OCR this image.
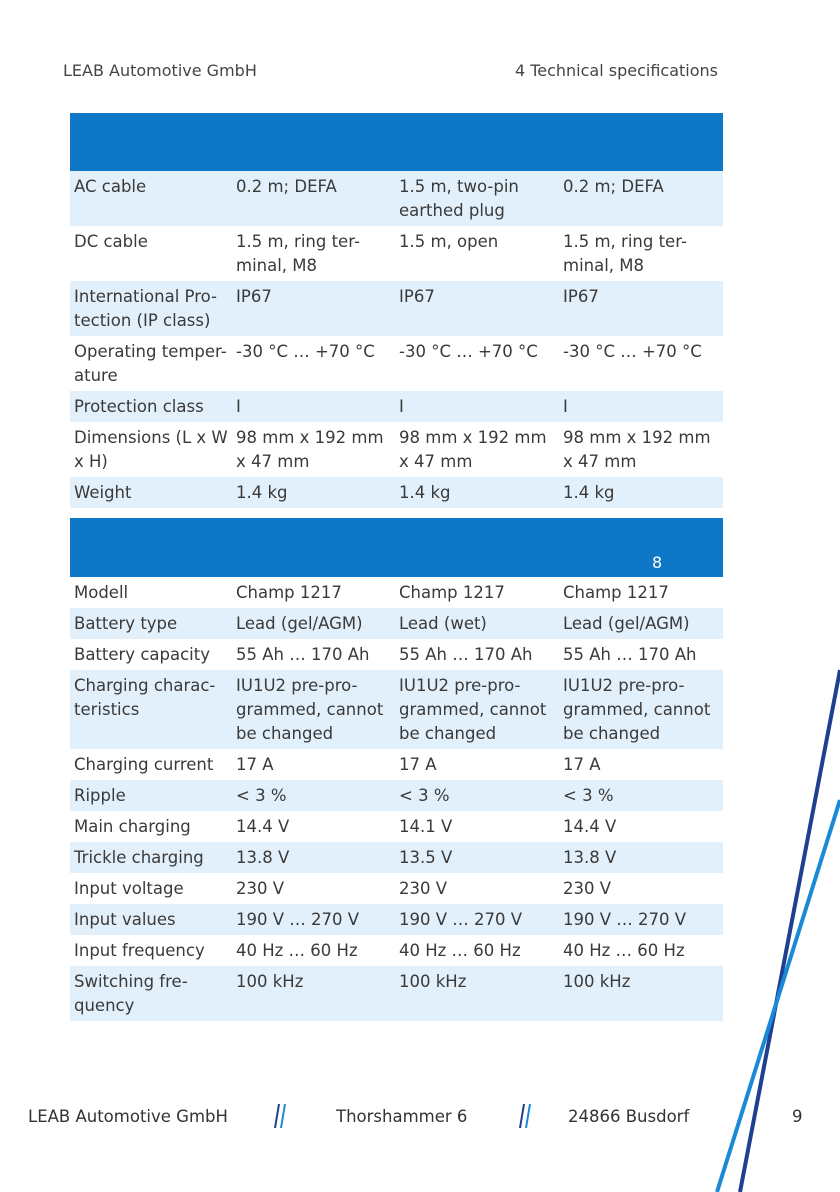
LEAB Automotive GmbH	4 Technical specifications

AC cable	0.2 m; DEFA	1.5 m, two-pin earthed plug	0.2 m; DEFA
DC cable	1.5 m, ring ter-minal, M8	1.5 m, open	1.5 m, ring ter-minal, M8
International Pro-tection (IP class)	IP67	IP67	IP67
Operating temper-ature	-30 °C … +70 °C	-30 °C … +70 °C	-30 °C … +70 °C
Protection class	I	I	I
Dimensions (L x W x H)	98 mm x 192 mm x 47 mm	98 mm x 192 mm x 47 mm	98 mm x 192 mm x 47 mm
Weight	1.4 kg	1.4 kg	1.4 kg
8			

Modell	Champ 1217	Champ 1217	Champ 1217
Battery type	Lead (gel/AGM)	Lead (wet)	Lead (gel/AGM)
Battery capacity	55 Ah … 170 Ah	55 Ah … 170 Ah	55 Ah … 170 Ah
Charging charac-teristics	IU1U2 pre-pro-grammed, cannot be changed	IU1U2 pre-pro-grammed, cannot be changed	IU1U2 pre-pro-grammed, cannot be changed
Charging current	17 A	17 A	17 A
Ripple	< 3 %	< 3 %	< 3 %
Main charging	14.4 V	14.1 V	14.4 V
Trickle charging	13.8 V	13.5 V	13.8 V
Input voltage	230 V	230 V	230 V
Input values	190 V … 270 V	190 V … 270 V	190 V … 270 V
Input frequency	40 Hz … 60 Hz	40 Hz … 60 Hz	40 Hz … 60 Hz
Switching fre-quency	100 kHz	100 kHz	100 kHz
LEAB Automotive GmbH	Thorshammer 6	24866 Busdorf	9
